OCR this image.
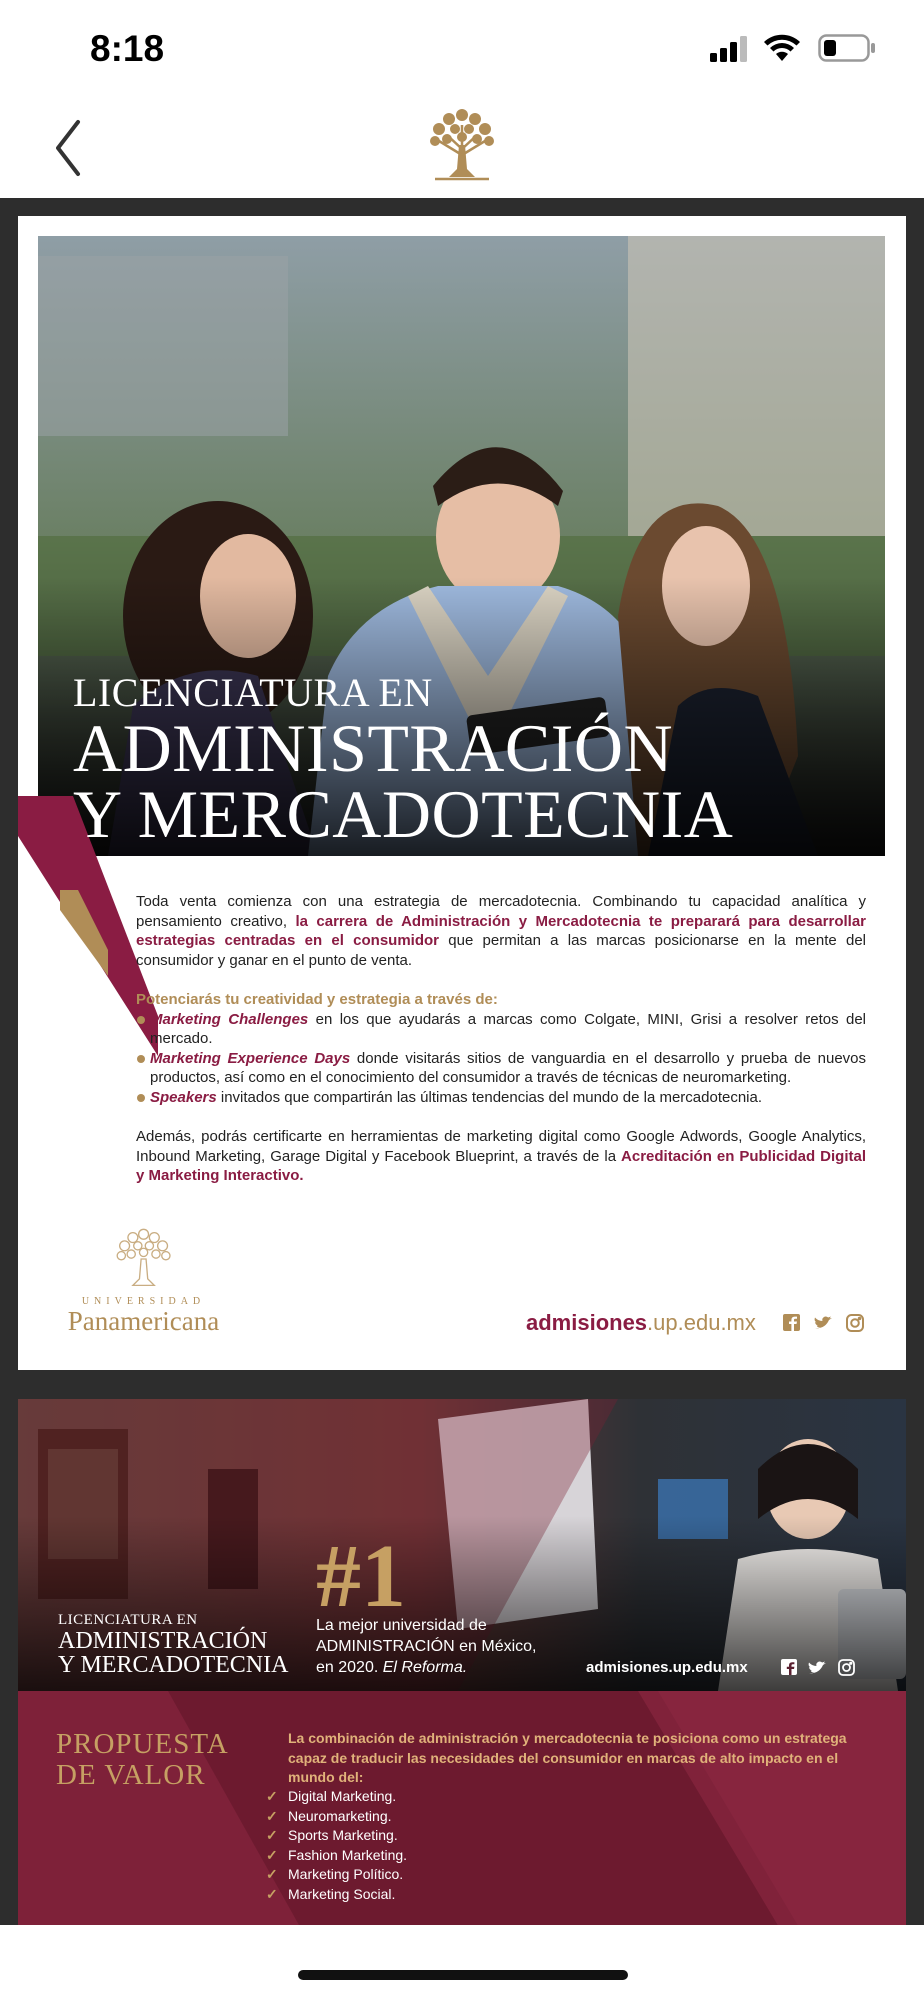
8:18
LICENCIATURA EN
ADMINISTRACIÓN
Y MERCADOTECNIA

Toda venta comienza con una estrategia de mercadotecnia. Combinando tu capacidad analítica y pensamiento creativo, la carrera de Administración y Mercadotecnia te preparará para desarrollar estrategias centradas en el consumidor que permitan a las marcas posicionarse en la mente del consumidor y ganar en el punto de venta.

Potenciarás tu creatividad y estrategia a través de:
Marketing Challenges en los que ayudarás a marcas como Colgate, MINI, Grisi a resolver retos del mercado.
Marketing Experience Days donde visitarás sitios de vanguardia en el desarrollo y prueba de nuevos productos, así como en el conocimiento del consumidor a través de técnicas de neuromarketing.
Speakers invitados que compartirán las últimas tendencias del mundo de la mercadotecnia.

Además, podrás certificarte en herramientas de marketing digital como Google Adwords, Google Analytics, Inbound Marketing, Garage Digital y Facebook Blueprint, a través de la Acreditación en Publicidad Digital y Marketing Interactivo.

UNIVERSIDAD
Panamericana	admisiones.up.edu.mx
LICENCIATURA EN
ADMINISTRACIÓN
Y MERCADOTECNIA
#1
La mejor universidad de
ADMINISTRACIÓN en México,
en 2020. El Reforma.	admisiones.up.edu.mx
PROPUESTA
DE VALOR
La combinación de administración y mercadotecnia te posiciona como un estratega capaz de traducir las necesidades del consumidor en marcas de alto impacto en el mundo del:
✓ Digital Marketing.
✓ Neuromarketing.
✓ Sports Marketing.
✓ Fashion Marketing.
✓ Marketing Político.
✓ Marketing Social.
